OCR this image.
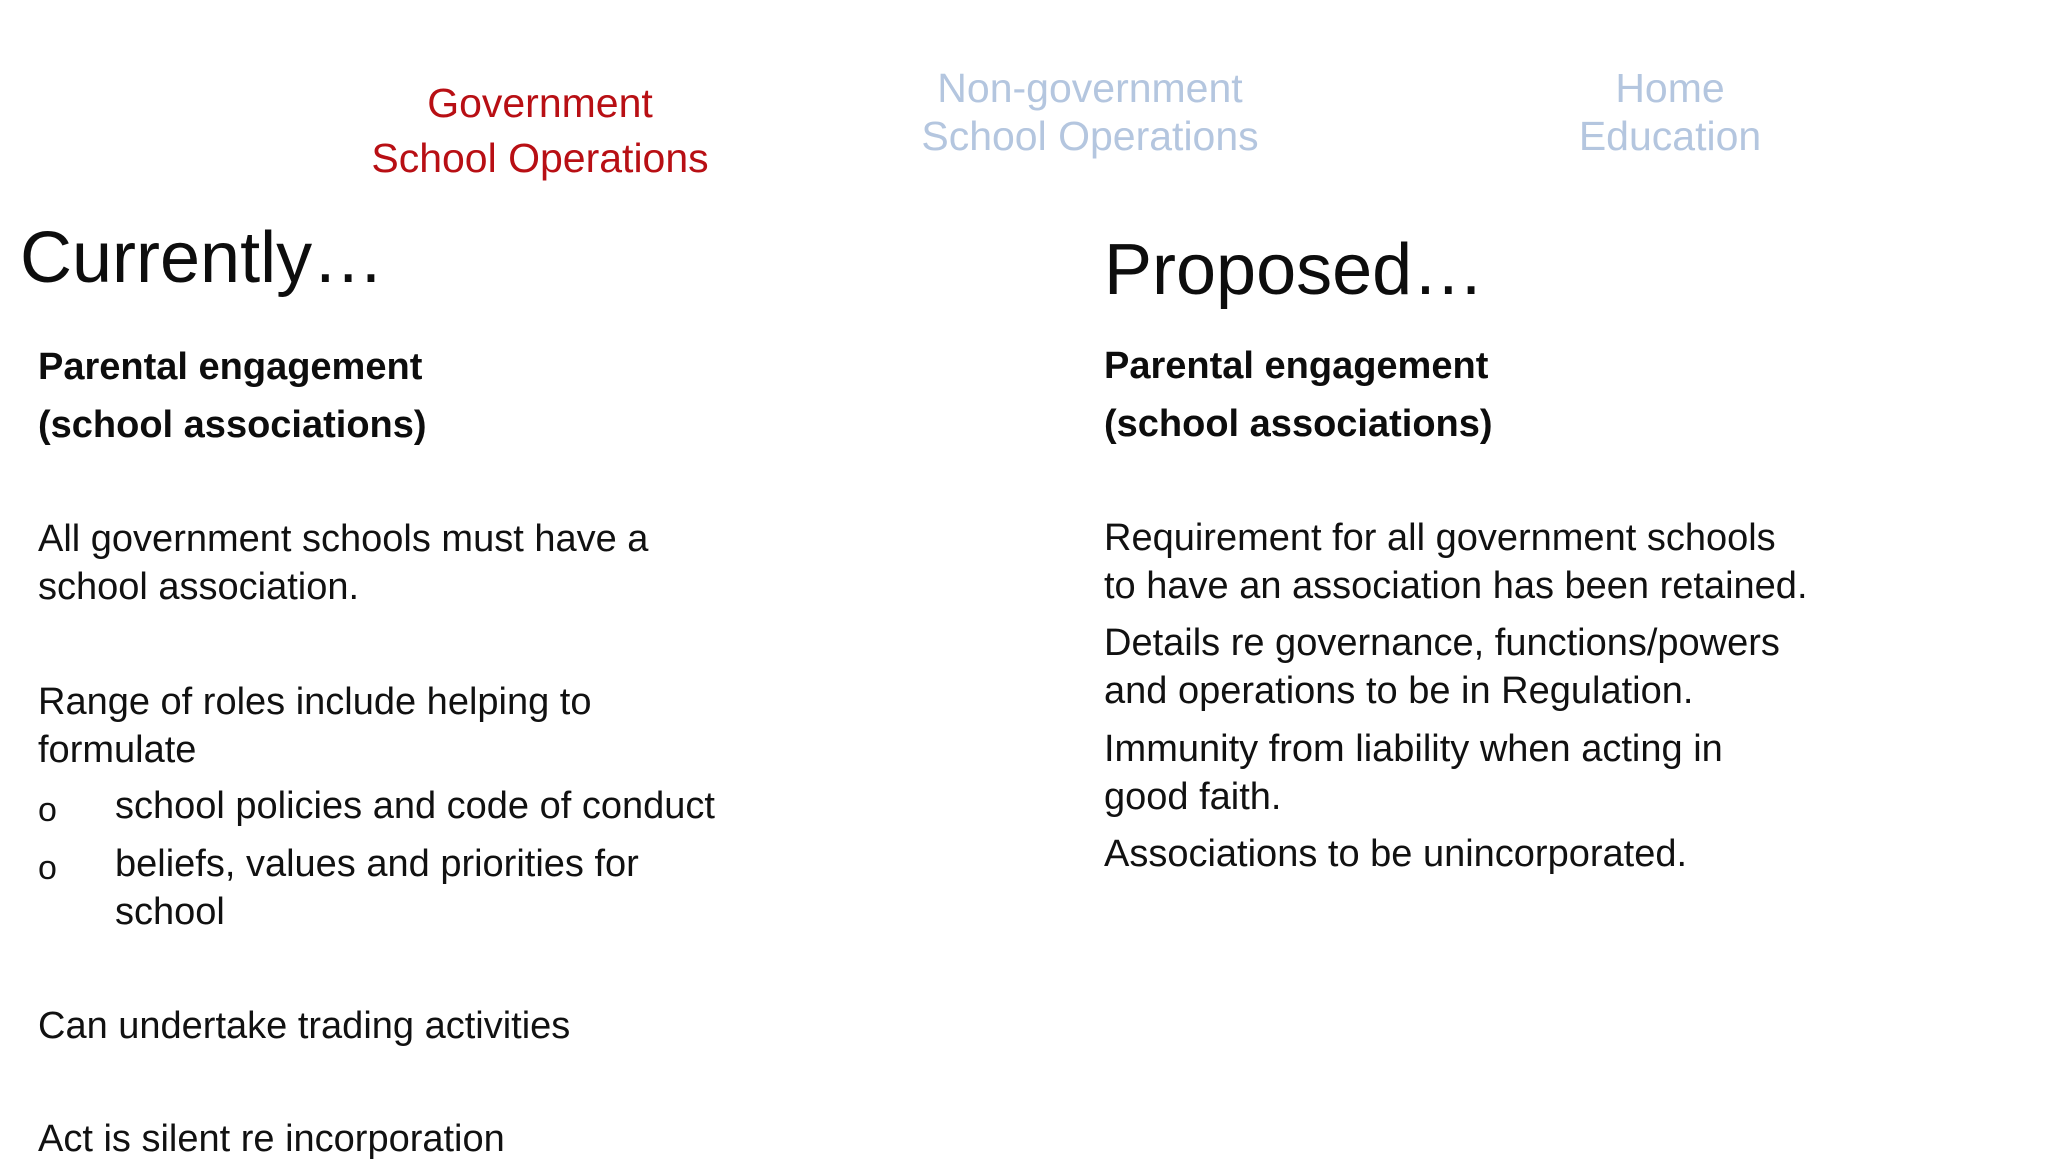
Government
School Operations
Non-government
School Operations
Home
Education
Currently…
Parental engagement
(school associations)
All government schools must have a
school association.
Range of roles include helping to
formulate
o school policies and code of conduct
o beliefs, values and priorities for
school
Can undertake trading activities
Act is silent re incorporation
Proposed…
Parental engagement
(school associations)
Requirement for all government schools
to have an association has been retained.
Details re governance, functions/powers
and operations to be in Regulation.
Immunity from liability when acting in
good faith.
Associations to be unincorporated.
